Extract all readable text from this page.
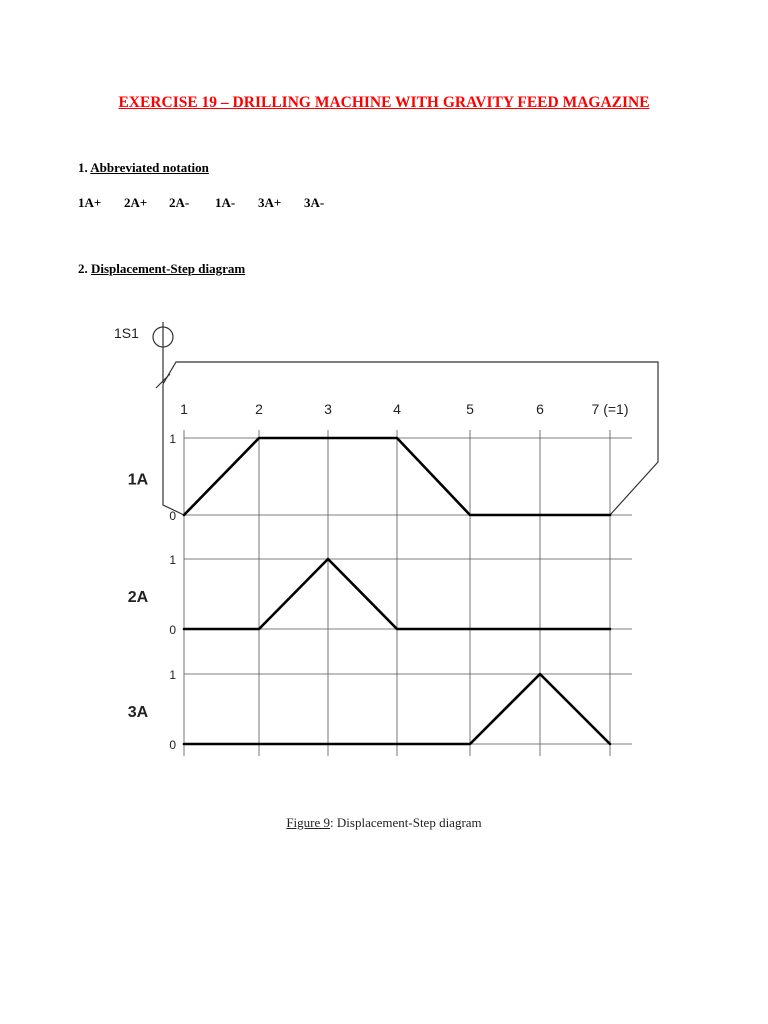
EXERCISE 19 – DRILLING MACHINE WITH GRAVITY FEED MAGAZINE
1. Abbreviated notation
1A+ 2A+ 2A- 1A- 3A+ 3A-
2. Displacement-Step diagram
1	2	3	4	5	6	7 (=1)
1A
1
0
2A
1
0
3A
1
0
1S1
Figure 9: Displacement-Step diagram
